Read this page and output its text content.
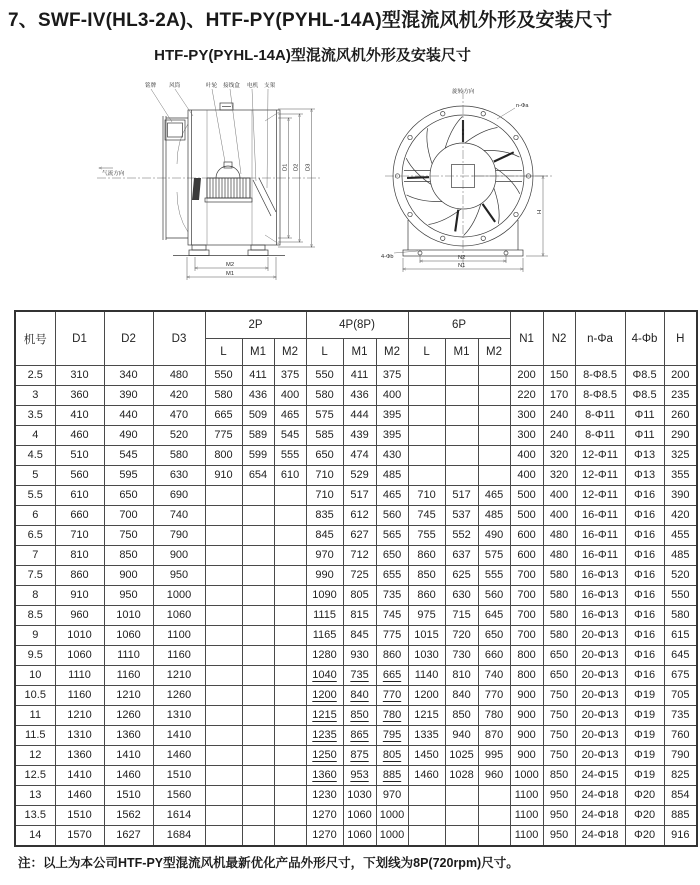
7、SWF-IV(HL3-2A)、HTF-PY(PYHL-14A)型混流风机外形及安装尺寸
HTF-PY(PYHL-14A)型混流风机外形及安装尺寸
气流方向
铭牌 风筒	叶轮 接线盒 电机 支架
D1 D2 D3
M2
M1
旋转方向
n-Φa
4-Φb
H
N2
N1
机号	D1	D2	D3	2P			4P(8P)			6P			N1	N2	n-Φa	4-Φb	H
				L	M1	M2	L	M1	M2	L	M1	M2					
2.5	310	340	480	550	411	375	550	411	375				200	150	8-Φ8.5	Φ8.5	200
3	360	390	420	580	436	400	580	436	400				220	170	8-Φ8.5	Φ8.5	235
3.5	410	440	470	665	509	465	575	444	395				300	240	8-Φ11	Φ11	260
4	460	490	520	775	589	545	585	439	395				300	240	8-Φ11	Φ11	290
4.5	510	545	580	800	599	555	650	474	430				400	320	12-Φ11	Φ13	325
5	560	595	630	910	654	610	710	529	485				400	320	12-Φ11	Φ13	355
5.5	610	650	690				710	517	465	710	517	465	500	400	12-Φ11	Φ16	390
6	660	700	740				835	612	560	745	537	485	500	400	16-Φ11	Φ16	420
6.5	710	750	790				845	627	565	755	552	490	600	480	16-Φ11	Φ16	455
7	810	850	900				970	712	650	860	637	575	600	480	16-Φ11	Φ16	485
7.5	860	900	950				990	725	655	850	625	555	700	580	16-Φ13	Φ16	520
8	910	950	1000				1090	805	735	860	630	560	700	580	16-Φ13	Φ16	550
8.5	960	1010	1060				1115	815	745	975	715	645	700	580	16-Φ13	Φ16	580
9	1010	1060	1100				1165	845	775	1015	720	650	700	580	20-Φ13	Φ16	615
9.5	1060	1110	1160				1280	930	860	1030	730	660	800	650	20-Φ13	Φ16	645
10	1110	1160	1210				1040	735	665	1140	810	740	800	650	20-Φ13	Φ16	675
10.5	1160	1210	1260				1200	840	770	1200	840	770	900	750	20-Φ13	Φ19	705
11	1210	1260	1310				1215	850	780	1215	850	780	900	750	20-Φ13	Φ19	735
11.5	1310	1360	1410				1235	865	795	1335	940	870	900	750	20-Φ13	Φ19	760
12	1360	1410	1460				1250	875	805	1450	1025	995	900	750	20-Φ13	Φ19	790
12.5	1410	1460	1510				1360	953	885	1460	1028	960	1000	850	24-Φ15	Φ19	825
13	1460	1510	1560				1230	1030	970				1100	950	24-Φ18	Φ20	854
13.5	1510	1562	1614				1270	1060	1000				1100	950	24-Φ18	Φ20	885
14	1570	1627	1684				1270	1060	1000				1100	950	24-Φ18	Φ20	916
注：以上为本公司HTF-PY型混流风机最新优化产品外形尺寸，下划线为8P(720rpm)尺寸。
